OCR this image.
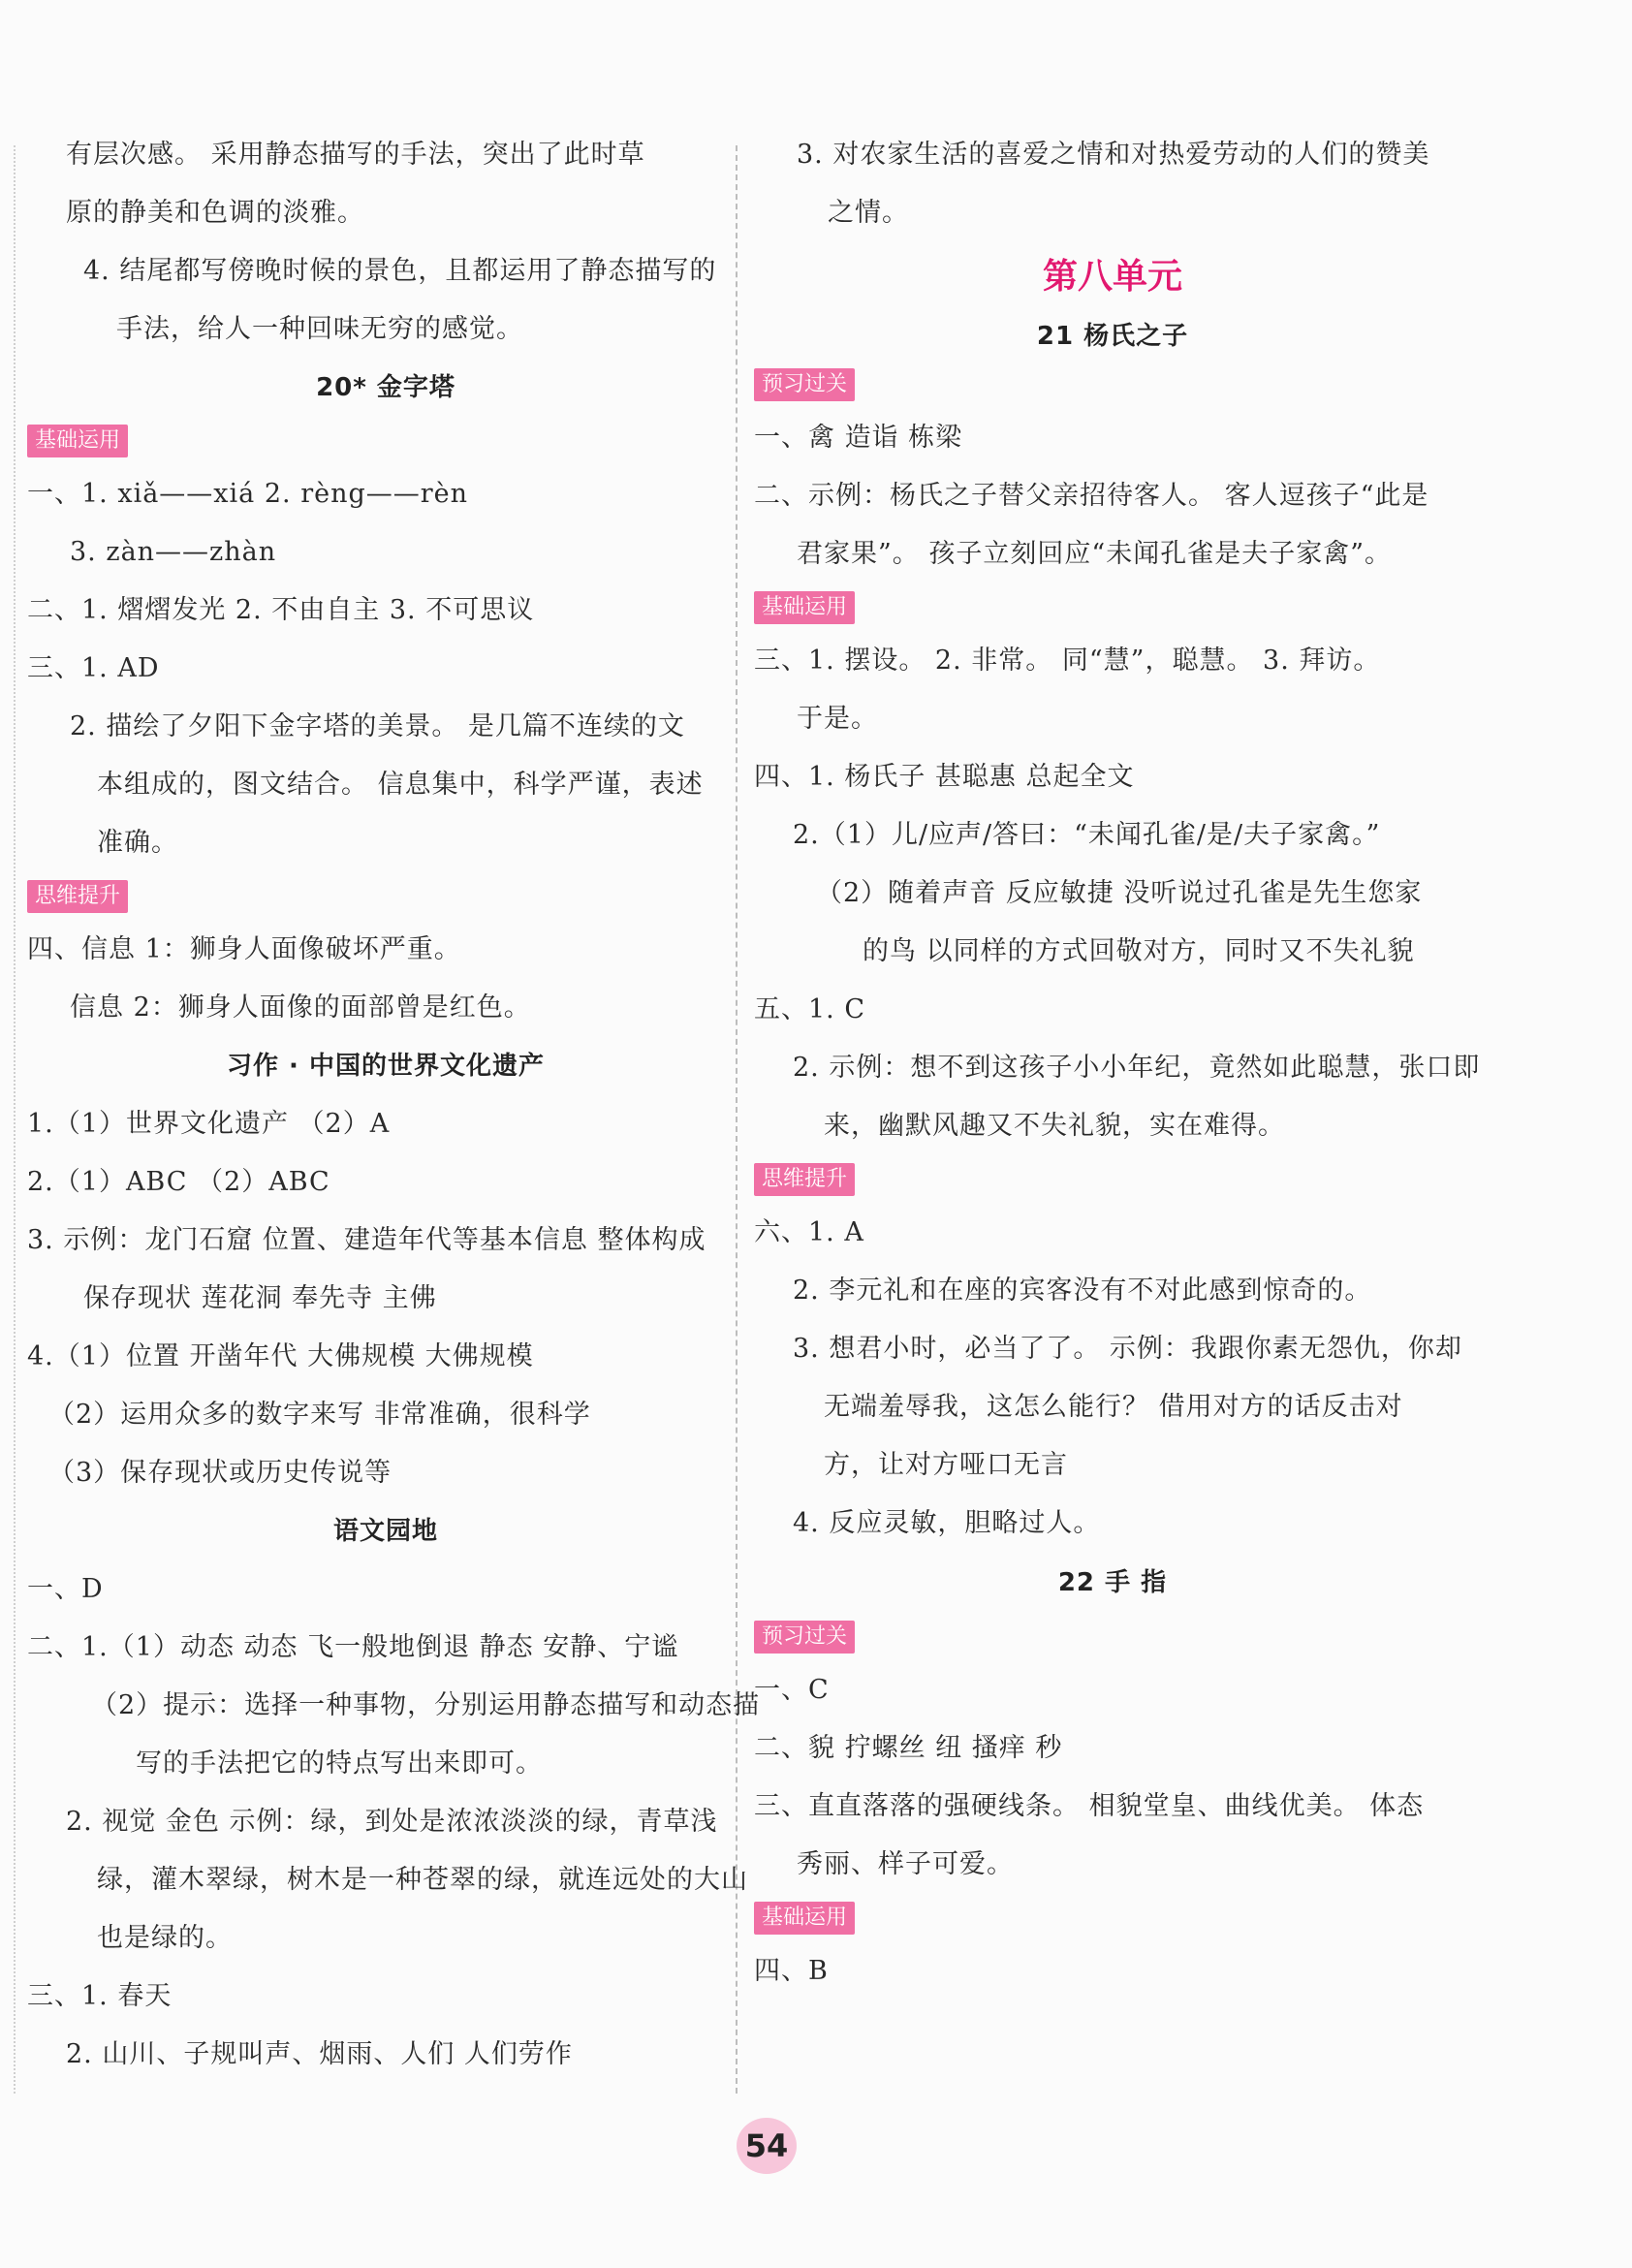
有层次感。 采用静态描写的手法，突出了此时草
原的静美和色调的淡雅。
4. 结尾都写傍晚时候的景色，且都运用了静态描写的
手法，给人一种回味无穷的感觉。
20* 金字塔
基础运用
一、1. xiǎ——xiá 2. rèng——rèn
3. zàn——zhàn
二、1. 熠熠发光 2. 不由自主 3. 不可思议
三、1. AD
2. 描绘了夕阳下金字塔的美景。 是几篇不连续的文
本组成的，图文结合。 信息集中，科学严谨，表述
准确。
思维提升
四、信息 1：狮身人面像破坏严重。
信息 2：狮身人面像的面部曾是红色。
习作 · 中国的世界文化遗产
1.（1）世界文化遗产 （2）A
2.（1）ABC （2）ABC
3. 示例：龙门石窟 位置、建造年代等基本信息 整体构成
保存现状 莲花洞 奉先寺 主佛
4.（1）位置 开凿年代 大佛规模 大佛规模
（2）运用众多的数字来写 非常准确，很科学
（3）保存现状或历史传说等
语文园地
一、D
二、1.（1）动态 动态 飞一般地倒退 静态 安静、宁谧
（2）提示：选择一种事物，分别运用静态描写和动态描
写的手法把它的特点写出来即可。
2. 视觉 金色 示例：绿，到处是浓浓淡淡的绿，青草浅
绿，灌木翠绿，树木是一种苍翠的绿，就连远处的大山
也是绿的。
三、1. 春天
2. 山川、子规叫声、烟雨、人们 人们劳作
3. 对农家生活的喜爱之情和对热爱劳动的人们的赞美
之情。
第八单元
21 杨氏之子
预习过关
一、禽 造诣 栋梁
二、示例：杨氏之子替父亲招待客人。 客人逗孩子“此是
君家果”。 孩子立刻回应“未闻孔雀是夫子家禽”。
基础运用
三、1. 摆设。 2. 非常。 同“慧”，聪慧。 3. 拜访。
于是。
四、1. 杨氏子 甚聪惠 总起全文
2.（1）儿/应声/答曰：“未闻孔雀/是/夫子家禽。”
（2）随着声音 反应敏捷 没听说过孔雀是先生您家
的鸟 以同样的方式回敬对方，同时又不失礼貌
五、1. C
2. 示例：想不到这孩子小小年纪，竟然如此聪慧，张口即
来，幽默风趣又不失礼貌，实在难得。
思维提升
六、1. A
2. 李元礼和在座的宾客没有不对此感到惊奇的。
3. 想君小时，必当了了。 示例：我跟你素无怨仇，你却
无端羞辱我，这怎么能行？ 借用对方的话反击对
方，让对方哑口无言
4. 反应灵敏，胆略过人。
22 手 指
预习过关
一、C
二、貌 拧螺丝 纽 搔痒 秒
三、直直落落的强硬线条。 相貌堂皇、曲线优美。 体态
秀丽、样子可爱。
基础运用
四、B
54
